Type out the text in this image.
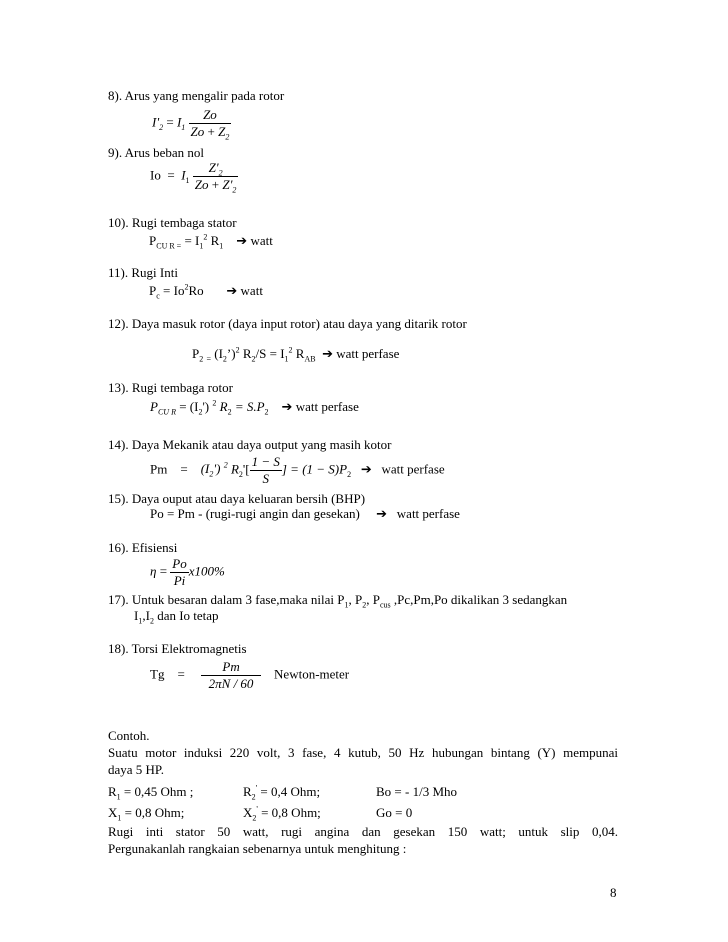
8). Arus yang mengalir pada rotor
$I'_2 = I_1 \frac{Zo}{Zo + Z_2}$
9). Arus beban nol
$Io = I_1 \frac{Z'_2}{Zo + Z'_2}$
10). Rugi tembaga stator
$P_{CU R =} = I_1^2$ $R_1$ ➔ watt
11). Rugi Inti
$P_c = Io^2Ro$ ➔ watt
12). Daya masuk rotor (daya input rotor) atau daya yang ditarik rotor
$P_2$ $_=$ $(I_2’)^2$ $R_2/S = I_1^2$ $R_{AB}$ ➔ watt perfase
13). Rugi tembaga rotor
$P_{CU R} = (I_2')$ $^2$ $R_2 = S.P_2$ ➔ watt perfase
14). Daya Mekanik atau daya output yang masih kotor
$Pm = (I_2')$ $^2$ $R_2'[ \frac{1 - S}{S}$ ] = $(1 - S)P_2$ ➔ watt perfase
15). Daya ouput atau daya keluaran bersih (BHP)
Po = Pm - (rugi-rugi angin dan gesekan) ➔ watt perfase
16). Efisiensi
$\eta = \frac{Po}{Pi} x100\%$
17). Untuk besaran dalam 3 fase,maka nilai $P_1$, $P_2$, $P_{cus}$ ,Pc,Pm,Po dikalikan 3 sedangkan
$I_1,I_2$ dan Io tetap
18). Torsi Elektromagnetis
$Tg = \frac{Pm}{2\pi N / 60}$ Newton-meter
Contoh.
Suatu motor induksi 220 volt, 3 fase, 4 kutub, 50 Hz hubungan bintang (Y) mempunai
daya 5 HP.
$R_1 = 0,45$ Ohm ;	$R_2' = 0,4$ Ohm;	Bo = - 1/3 Mho
$X_1 = 0,8$ Ohm;	$X_2' = 0,8$ Ohm;	Go = 0
Rugi inti stator 50 watt, rugi angina dan gesekan 150 watt; untuk slip 0,04.
Pergunakanlah rangkaian sebenarnya untuk menghitung :
8
